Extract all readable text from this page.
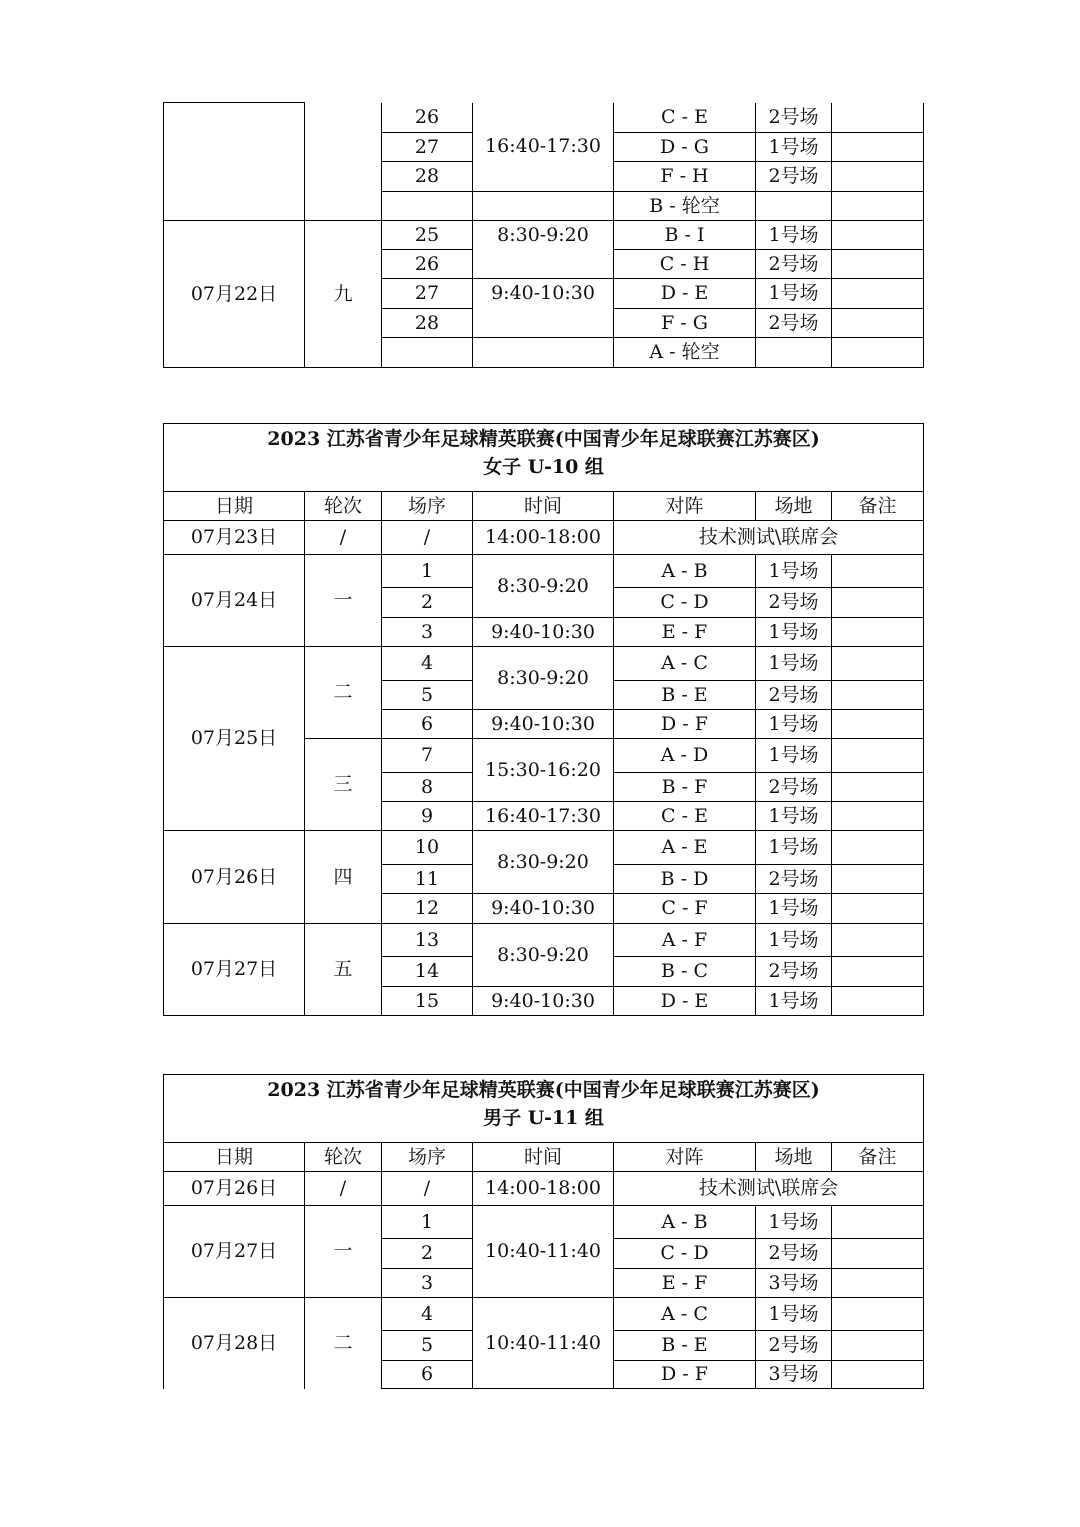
		26	16:40-17:30	C - E	2号场	
		27		D - G	1号场	
		28		F - H	2号场	
				B - 轮空		
07月22日	九	25	8:30-9:20	B - I	1号场	
		26		C - H	2号场	
		27	9:40-10:30	D - E	1号场	
		28		F - G	2号场	
				A - 轮空		
2023 江苏省青少年足球精英联赛(中国青少年足球联赛江苏赛区)
女子 U-10 组						

日期	轮次	场序	时间	对阵	场地	备注
07月23日	/	/	14:00-18:00	技术测试\联席会		
07月24日	一	1	8:30-9:20	A - B	1号场	
		2		C - D	2号场	
		3	9:40-10:30	E - F	1号场	
07月25日	二	4	8:30-9:20	A - C	1号场	
		5		B - E	2号场	
		6	9:40-10:30	D - F	1号场	
	三	7	15:30-16:20	A - D	1号场	
		8		B - F	2号场	
		9	16:40-17:30	C - E	1号场	
07月26日	四	10	8:30-9:20	A - E	1号场	
		11		B - D	2号场	
		12	9:40-10:30	C - F	1号场	
07月27日	五	13	8:30-9:20	A - F	1号场	
		14		B - C	2号场	
		15	9:40-10:30	D - E	1号场	
2023 江苏省青少年足球精英联赛(中国青少年足球联赛江苏赛区)
男子 U-11 组						

日期	轮次	场序	时间	对阵	场地	备注
07月26日	/	/	14:00-18:00	技术测试\联席会		
07月27日	一	1	10:40-11:40	A - B	1号场	
		2		C - D	2号场	
		3		E - F	3号场	
07月28日	二	4	10:40-11:40	A - C	1号场	
		5		B - E	2号场	
		6		D - F	3号场	
